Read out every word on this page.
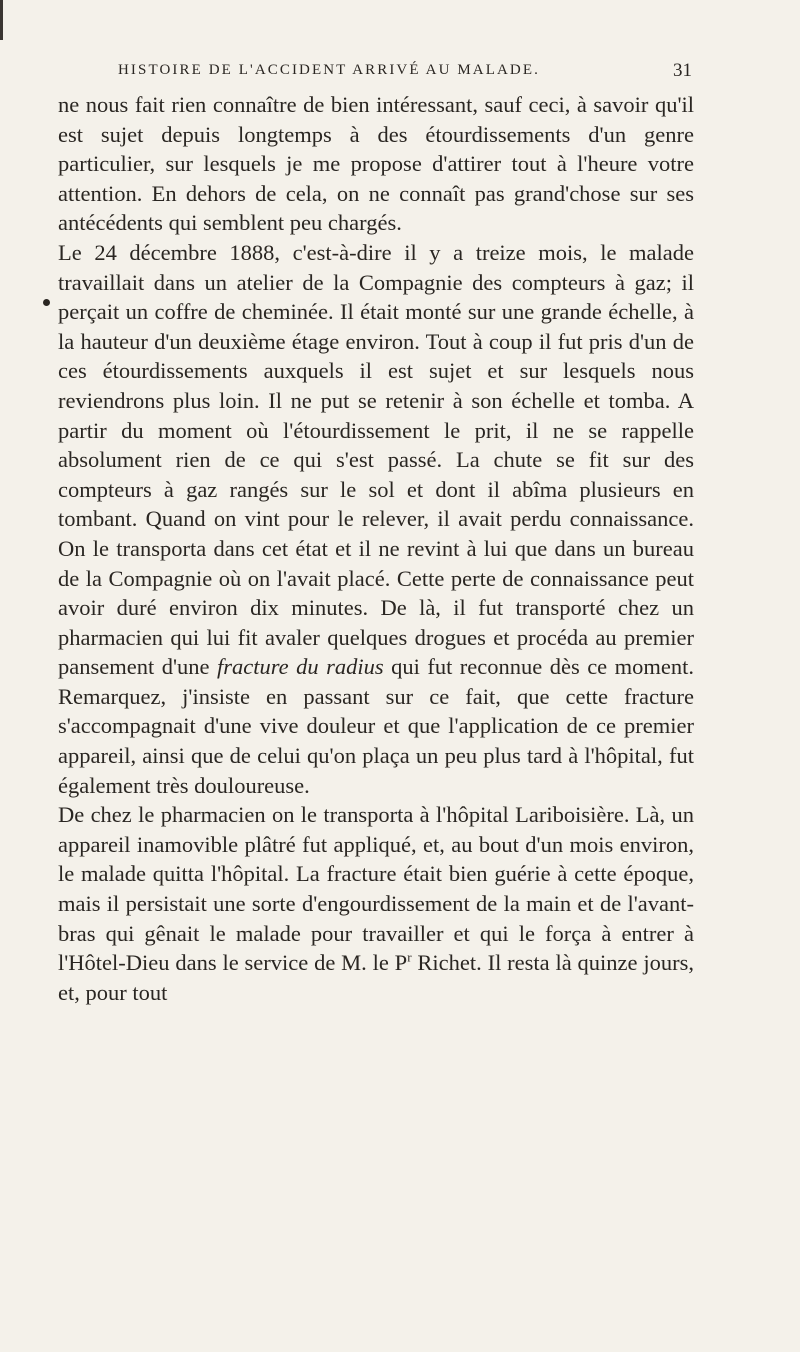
HISTOIRE DE L'ACCIDENT ARRIVÉ AU MALADE.	31

ne nous fait rien connaître de bien intéressant, sauf ceci, à savoir qu'il est sujet depuis longtemps à des étourdissements d'un genre particulier, sur lesquels je me propose d'attirer tout à l'heure votre attention. En dehors de cela, on ne connaît pas grand'chose sur ses antécédents qui semblent peu chargés.

Le 24 décembre 1888, c'est-à-dire il y a treize mois, le malade travaillait dans un atelier de la Compagnie des compteurs à gaz; il perçait un coffre de cheminée. Il était monté sur une grande échelle, à la hauteur d'un deuxième étage environ. Tout à coup il fut pris d'un de ces étourdissements auxquels il est sujet et sur lesquels nous reviendrons plus loin. Il ne put se retenir à son échelle et tomba. A partir du moment où l'étourdissement le prit, il ne se rappelle absolument rien de ce qui s'est passé. La chute se fit sur des compteurs à gaz rangés sur le sol et dont il abîma plusieurs en tombant. Quand on vint pour le relever, il avait perdu connaissance. On le transporta dans cet état et il ne revint à lui que dans un bureau de la Compagnie où on l'avait placé. Cette perte de connaissance peut avoir duré environ dix minutes. De là, il fut transporté chez un pharmacien qui lui fit avaler quelques drogues et procéda au premier pansement d'une fracture du radius qui fut reconnue dès ce moment. Remarquez, j'insiste en passant sur ce fait, que cette fracture s'accompagnait d'une vive douleur et que l'application de ce premier appareil, ainsi que de celui qu'on plaça un peu plus tard à l'hôpital, fut également très douloureuse.

De chez le pharmacien on le transporta à l'hôpital Lariboisière. Là, un appareil inamovible plâtré fut appliqué, et, au bout d'un mois environ, le malade quitta l'hôpital. La fracture était bien guérie à cette époque, mais il persistait une sorte d'engourdissement de la main et de l'avant-bras qui gênait le malade pour travailler et qui le força à entrer à l'Hôtel-Dieu dans le service de M. le $P^r$ Richet. Il resta là quinze jours, et, pour tout
